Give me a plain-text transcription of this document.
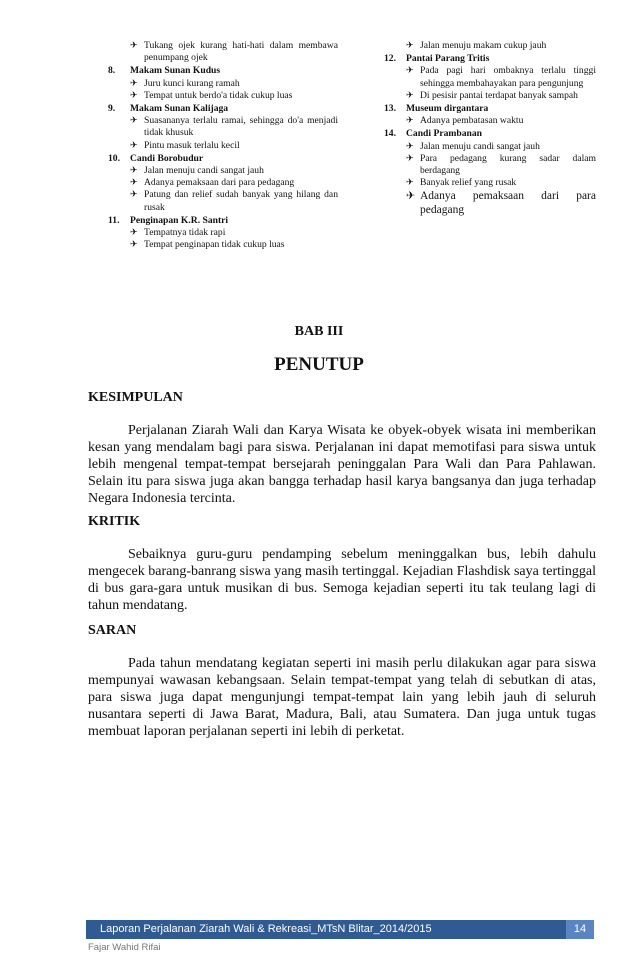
✈ Tukang ojek kurang hati-hati dalam membawa penumpang ojek
8. Makam Sunan Kudus
✈ Juru kunci kurang ramah
✈ Tempat untuk berdo'a tidak cukup luas
9. Makam Sunan Kalijaga
✈ Suasananya terlalu ramai, sehingga do'a menjadi tidak khusuk
✈ Pintu masuk terlalu kecil
10. Candi Borobudur
✈ Jalan menuju candi sangat jauh
✈ Adanya pemaksaan dari para pedagang
✈ Patung dan relief sudah banyak yang hilang dan rusak
11. Penginapan K.R. Santri
✈ Tempatnya tidak rapi
✈ Tempat penginapan tidak cukup luas
✈ Jalan menuju makam cukup jauh
12. Pantai Parang Tritis
✈ Pada pagi hari ombaknya terlalu tinggi sehingga membahayakan para pengunjung
✈ Di pesisir pantai terdapat banyak sampah
13. Museum dirgantara
✈ Adanya pembatasan waktu
14. Candi Prambanan
✈ Jalan menuju candi sangat jauh
✈ Para pedagang kurang sadar dalam berdagang
✈ Banyak relief yang rusak
✈ Adanya pemaksaan dari para pedagang
BAB III
PENUTUP
KESIMPULAN

Perjalanan Ziarah Wali dan Karya Wisata ke obyek-obyek wisata ini memberikan kesan yang mendalam bagi para siswa. Perjalanan ini dapat memotifasi para siswa untuk lebih mengenal tempat-tempat bersejarah peninggalan Para Wali dan Para Pahlawan. Selain itu para siswa juga akan bangga terhadap hasil karya bangsanya dan juga terhadap Negara Indonesia tercinta.

KRITIK

Sebaiknya guru-guru pendamping sebelum meninggalkan bus, lebih dahulu mengecek barang-banrang siswa yang masih tertinggal. Kejadian Flashdisk saya tertinggal di bus gara-gara untuk musikan di bus. Semoga kejadian seperti itu tak teulang lagi di tahun mendatang.

SARAN

Pada tahun mendatang kegiatan seperti ini masih perlu dilakukan agar para siswa mempunyai wawasan kebangsaan. Selain tempat-tempat yang telah di sebutkan di atas, para siswa juga dapat mengunjungi tempat-tempat lain yang lebih jauh di seluruh nusantara seperti di Jawa Barat, Madura, Bali, atau Sumatera. Dan juga untuk tugas membuat laporan perjalanan seperti ini lebih di perketat.

Laporan Perjalanan Ziarah Wali & Rekreasi_MTsN Blitar_2014/2015	14
Fajar Wahid Rifai
